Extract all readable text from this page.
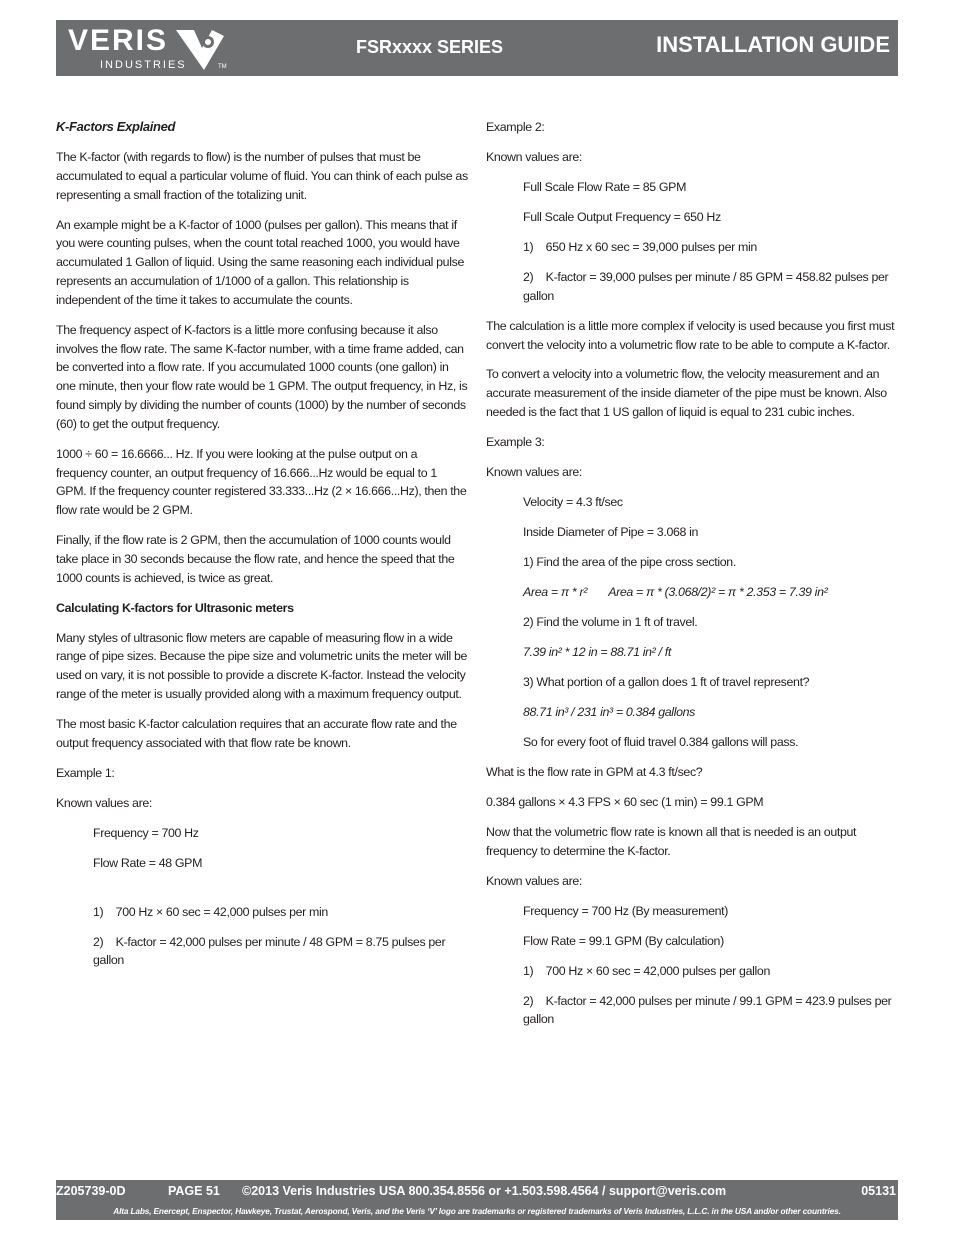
VERIS
INDUSTRIES	TM
FSRxxxx SERIES	INSTALLATION GUIDE

K-Factors Explained

The K-factor (with regards to flow) is the number of pulses that must be accumulated to equal a particular volume of fluid. You can think of each pulse as representing a small fraction of the totalizing unit.

An example might be a K-factor of 1000 (pulses per gallon). This means that if you were counting pulses, when the count total reached 1000, you would have accumulated 1 Gallon of liquid. Using the same reasoning each individual pulse represents an accumulation of 1/1000 of a gallon. This relationship is independent of the time it takes to accumulate the counts.

The frequency aspect of K-factors is a little more confusing because it also involves the flow rate. The same K-factor number, with a time frame added, can be converted into a flow rate. If you accumulated 1000 counts (one gallon) in one minute, then your flow rate would be 1 GPM. The output frequency, in Hz, is found simply by dividing the number of counts (1000) by the number of seconds (60) to get the output frequency.

1000 ÷ 60 = 16.6666... Hz. If you were looking at the pulse output on a frequency counter, an output frequency of 16.666...Hz would be equal to 1 GPM. If the frequency counter registered 33.333...Hz (2 × 16.666...Hz), then the flow rate would be 2 GPM.

Finally, if the flow rate is 2 GPM, then the accumulation of 1000 counts would take place in 30 seconds because the flow rate, and hence the speed that the 1000 counts is achieved, is twice as great.

Calculating K-factors for Ultrasonic meters

Many styles of ultrasonic flow meters are capable of measuring flow in a wide range of pipe sizes. Because the pipe size and volumetric units the meter will be used on vary, it is not possible to provide a discrete K-factor. Instead the velocity range of the meter is usually provided along with a maximum frequency output.

The most basic K-factor calculation requires that an accurate flow rate and the output frequency associated with that flow rate be known.

Example 1:

Known values are:

Frequency = 700 Hz

Flow Rate = 48 GPM

1)    700 Hz × 60 sec = 42,000 pulses per min

2)    K-factor = 42,000 pulses per minute / 48 GPM = 8.75 pulses per gallon

Example 2:

Known values are:

Full Scale Flow Rate = 85 GPM

Full Scale Output Frequency = 650 Hz

1)    650 Hz x 60 sec = 39,000 pulses per min

2)    K-factor = 39,000 pulses per minute / 85 GPM = 458.82 pulses per gallon

The calculation is a little more complex if velocity is used because you first must convert the velocity into a volumetric flow rate to be able to compute a K-factor.

To convert a velocity into a volumetric flow, the velocity measurement and an accurate measurement of the inside diameter of the pipe must be known. Also needed is the fact that 1 US gallon of liquid is equal to 231 cubic inches.

Example 3:

Known values are:

Velocity = 4.3 ft/sec

Inside Diameter of Pipe = 3.068 in

1) Find the area of the pipe cross section.

Area = π * r²       Area = π * (3.068/2)² = π * 2.353 = 7.39 in²

2) Find the volume in 1 ft of travel.

7.39 in² * 12 in = 88.71 in² / ft

3) What portion of a gallon does 1 ft of travel represent?

88.71 in³ / 231 in³ = 0.384 gallons

So for every foot of fluid travel 0.384 gallons will pass.

What is the flow rate in GPM at 4.3 ft/sec?

0.384 gallons × 4.3 FPS × 60 sec (1 min) = 99.1 GPM

Now that the volumetric flow rate is known all that is needed is an output frequency to determine the K-factor.

Known values are:

Frequency = 700 Hz (By measurement)

Flow Rate = 99.1 GPM (By calculation)

1)    700 Hz × 60 sec = 42,000 pulses per gallon

2)    K-factor = 42,000 pulses per minute / 99.1 GPM = 423.9 pulses per gallon

Z205739-0D	PAGE 51 ©2013 Veris Industries USA 800.354.8556 or +1.503.598.4564 / support@veris.com	05131
Alta Labs, Enercept, Enspector, Hawkeye, Trustat, Aerospond, Veris, and the Veris ‘V’ logo are trademarks or registered trademarks of Veris Industries, L.L.C. in the USA and/or other countries.
